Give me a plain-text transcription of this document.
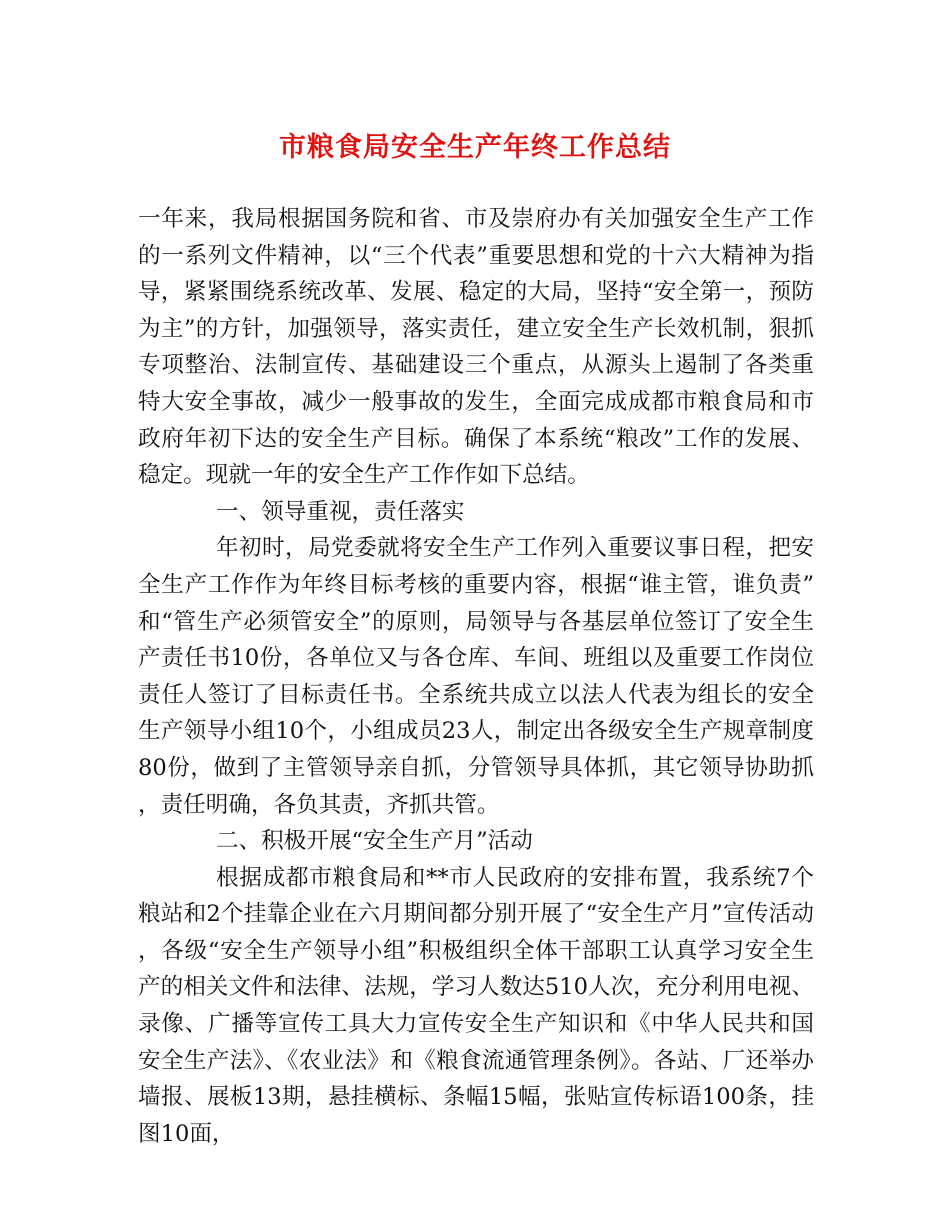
市粮食局安全生产年终工作总结

一年来，我局根据国务院和省、市及崇府办有关加强安全生产工作的一系列文件精神，以“三个代表”重要思想和党的十六大精神为指导，紧紧围绕系统改革、发展、稳定的大局，坚持“安全第一，预防为主”的方针，加强领导，落实责任，建立安全生产长效机制，狠抓专项整治、法制宣传、基础建设三个重点，从源头上遏制了各类重特大安全事故，减少一般事故的发生，全面完成成都市粮食局和市政府年初下达的安全生产目标。确保了本系统“粮改”工作的发展、稳定。现就一年的安全生产工作作如下总结。

一、领导重视，责任落实

年初时，局党委就将安全生产工作列入重要议事日程，把安全生产工作作为年终目标考核的重要内容，根据“谁主管，谁负责”和“管生产必须管安全”的原则，局领导与各基层单位签订了安全生产责任书10份，各单位又与各仓库、车间、班组以及重要工作岗位责任人签订了目标责任书。全系统共成立以法人代表为组长的安全生产领导小组10个，小组成员23人，制定出各级安全生产规章制度80份，做到了主管领导亲自抓，分管领导具体抓，其它领导协助抓，责任明确，各负其责，齐抓共管。

二、积极开展“安全生产月”活动

根据成都市粮食局和**市人民政府的安排布置，我系统7个粮站和2个挂靠企业在六月期间都分别开展了“安全生产月”宣传活动，各级“安全生产领导小组”积极组织全体干部职工认真学习安全生产的相关文件和法律、法规，学习人数达510人次，充分利用电视、录像、广播等宣传工具大力宣传安全生产知识和《中华人民共和国安全生产法》、《农业法》和《粮食流通管理条例》。各站、厂还举办墙报、展板13期，悬挂横标、条幅15幅，张贴宣传标语100条，挂图10面，
